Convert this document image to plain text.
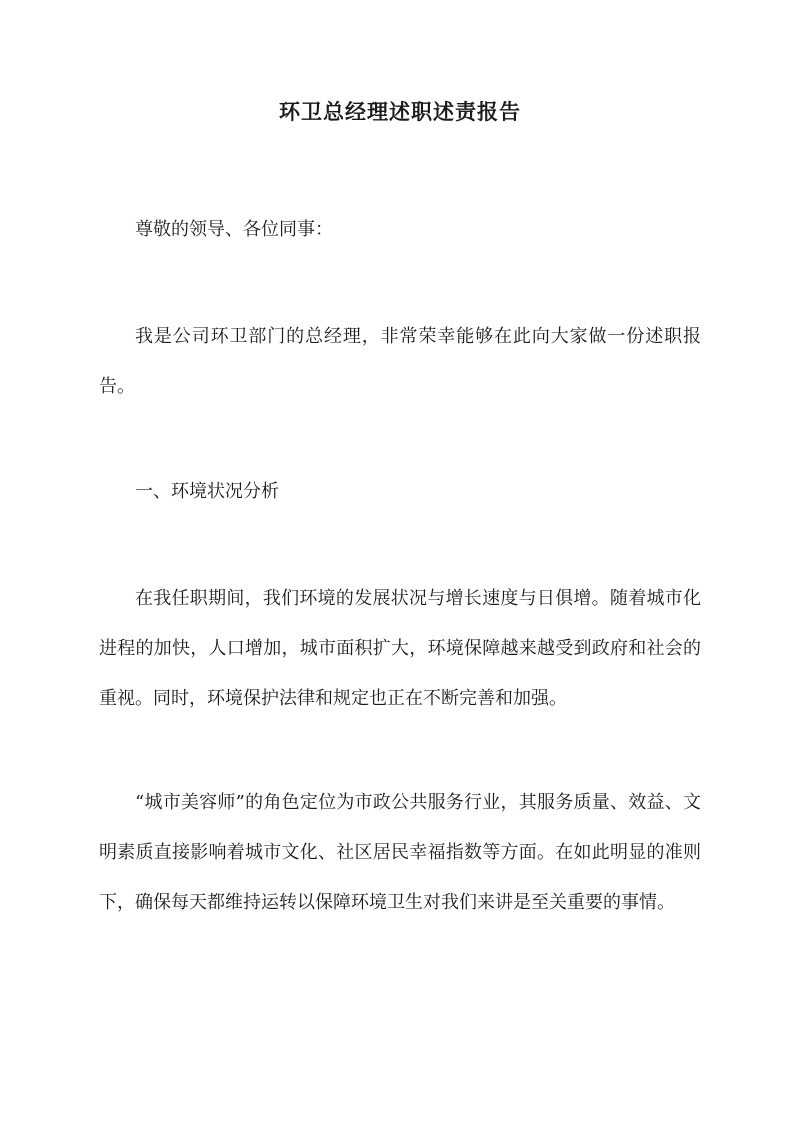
环卫总经理述职述责报告

尊敬的领导、各位同事：

我是公司环卫部门的总经理，非常荣幸能够在此向大家做一份述职报告。

一、环境状况分析

在我任职期间，我们环境的发展状况与增长速度与日俱增。随着城市化进程的加快，人口增加，城市面积扩大，环境保障越来越受到政府和社会的重视。同时，环境保护法律和规定也正在不断完善和加强。

“城市美容师”的角色定位为市政公共服务行业，其服务质量、效益、文明素质直接影响着城市文化、社区居民幸福指数等方面。在如此明显的准则下，确保每天都维持运转以保障环境卫生对我们来讲是至关重要的事情。
